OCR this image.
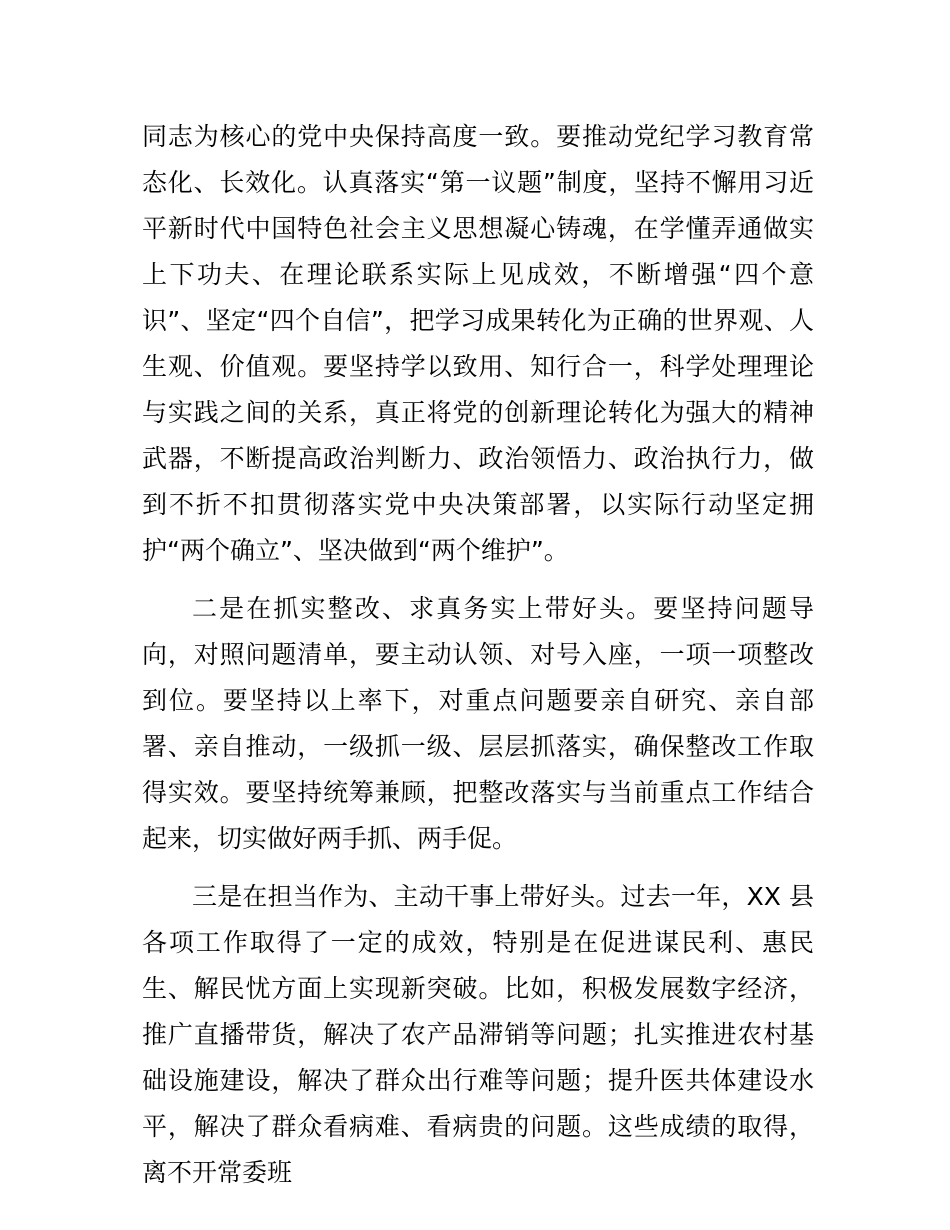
同志为核心的党中央保持高度一致。要推动党纪学习教育常态化、长效化。认真落实“第一议题”制度，坚持不懈用习近平新时代中国特色社会主义思想凝心铸魂，在学懂弄通做实上下功夫、在理论联系实际上见成效，不断增强“四个意识”、坚定“四个自信”，把学习成果转化为正确的世界观、人生观、价值观。要坚持学以致用、知行合一，科学处理理论与实践之间的关系，真正将党的创新理论转化为强大的精神武器，不断提高政治判断力、政治领悟力、政治执行力，做到不折不扣贯彻落实党中央决策部署，以实际行动坚定拥护“两个确立”、坚决做到“两个维护”。

二是在抓实整改、求真务实上带好头。要坚持问题导向，对照问题清单，要主动认领、对号入座，一项一项整改到位。要坚持以上率下，对重点问题要亲自研究、亲自部署、亲自推动，一级抓一级、层层抓落实，确保整改工作取得实效。要坚持统筹兼顾，把整改落实与当前重点工作结合起来，切实做好两手抓、两手促。

三是在担当作为、主动干事上带好头。过去一年，XX 县各项工作取得了一定的成效，特别是在促进谋民利、惠民生、解民忧方面上实现新突破。比如，积极发展数字经济，推广直播带货，解决了农产品滞销等问题；扎实推进农村基础设施建设，解决了群众出行难等问题；提升医共体建设水平，解决了群众看病难、看病贵的问题。这些成绩的取得，离不开常委班
